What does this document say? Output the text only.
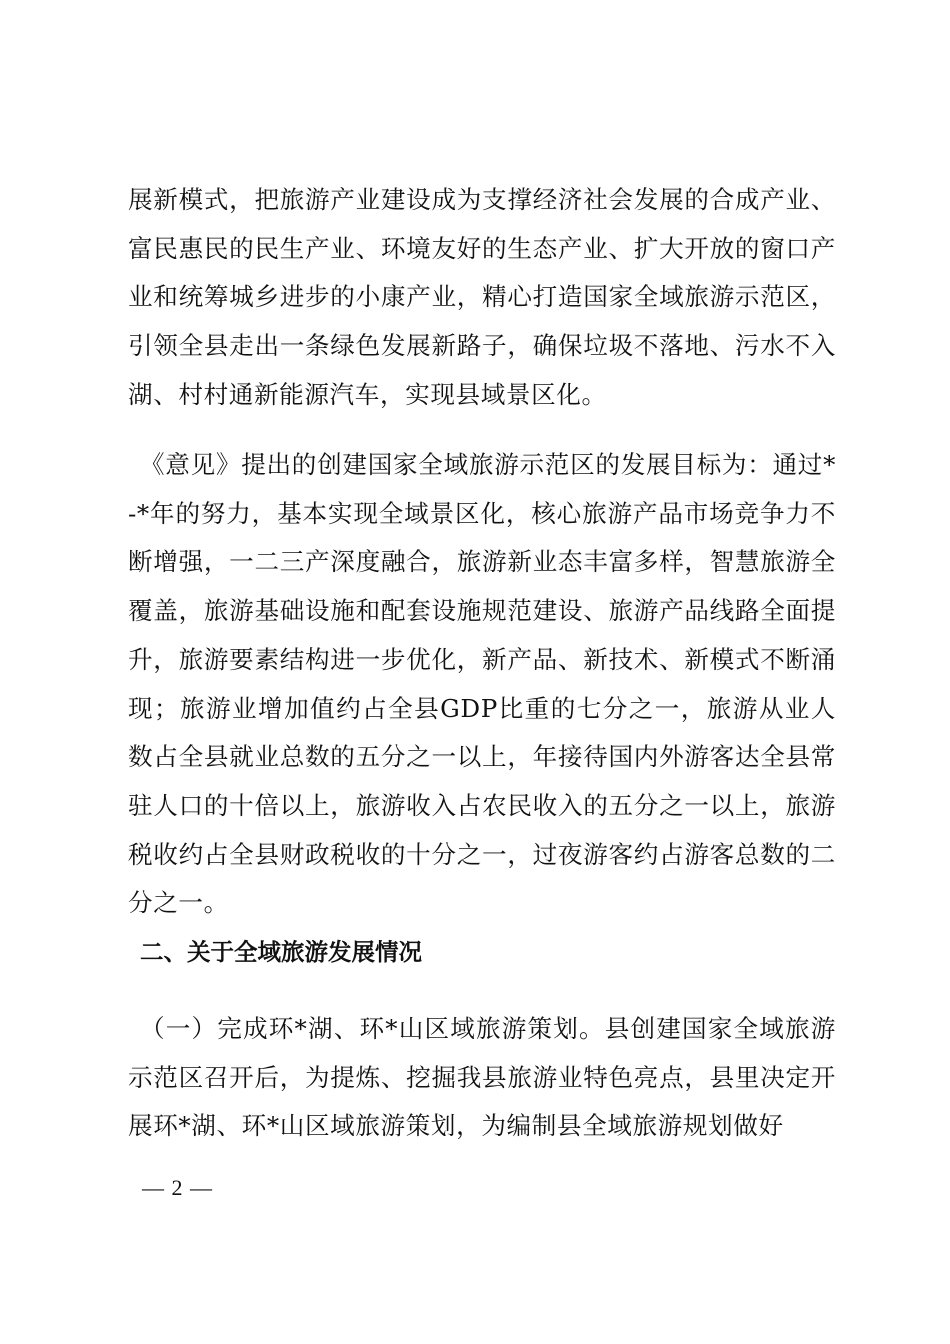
展新模式，把旅游产业建设成为支撑经济社会发展的合成产业、富民惠民的民生产业、环境友好的生态产业、扩大开放的窗口产业和统筹城乡进步的小康产业，精心打造国家全域旅游示范区，引领全县走出一条绿色发展新路子，确保垃圾不落地、污水不入湖、村村通新能源汽车，实现县域景区化。

《意见》提出的创建国家全域旅游示范区的发展目标为：通过*-*年的努力，基本实现全域景区化，核心旅游产品市场竞争力不断增强，一二三产深度融合，旅游新业态丰富多样，智慧旅游全覆盖，旅游基础设施和配套设施规范建设、旅游产品线路全面提升，旅游要素结构进一步优化，新产品、新技术、新模式不断涌现；旅游业增加值约占全县GDP比重的七分之一，旅游从业人数占全县就业总数的五分之一以上，年接待国内外游客达全县常驻人口的十倍以上，旅游收入占农民收入的五分之一以上，旅游税收约占全县财政税收的十分之一，过夜游客约占游客总数的二分之一。

二、关于全域旅游发展情况

（一）完成环*湖、环*山区域旅游策划。县创建国家全域旅游示范区召开后，为提炼、挖掘我县旅游业特色亮点，县里决定开展环*湖、环*山区域旅游策划，为编制县全域旅游规划做好

— 2 —
